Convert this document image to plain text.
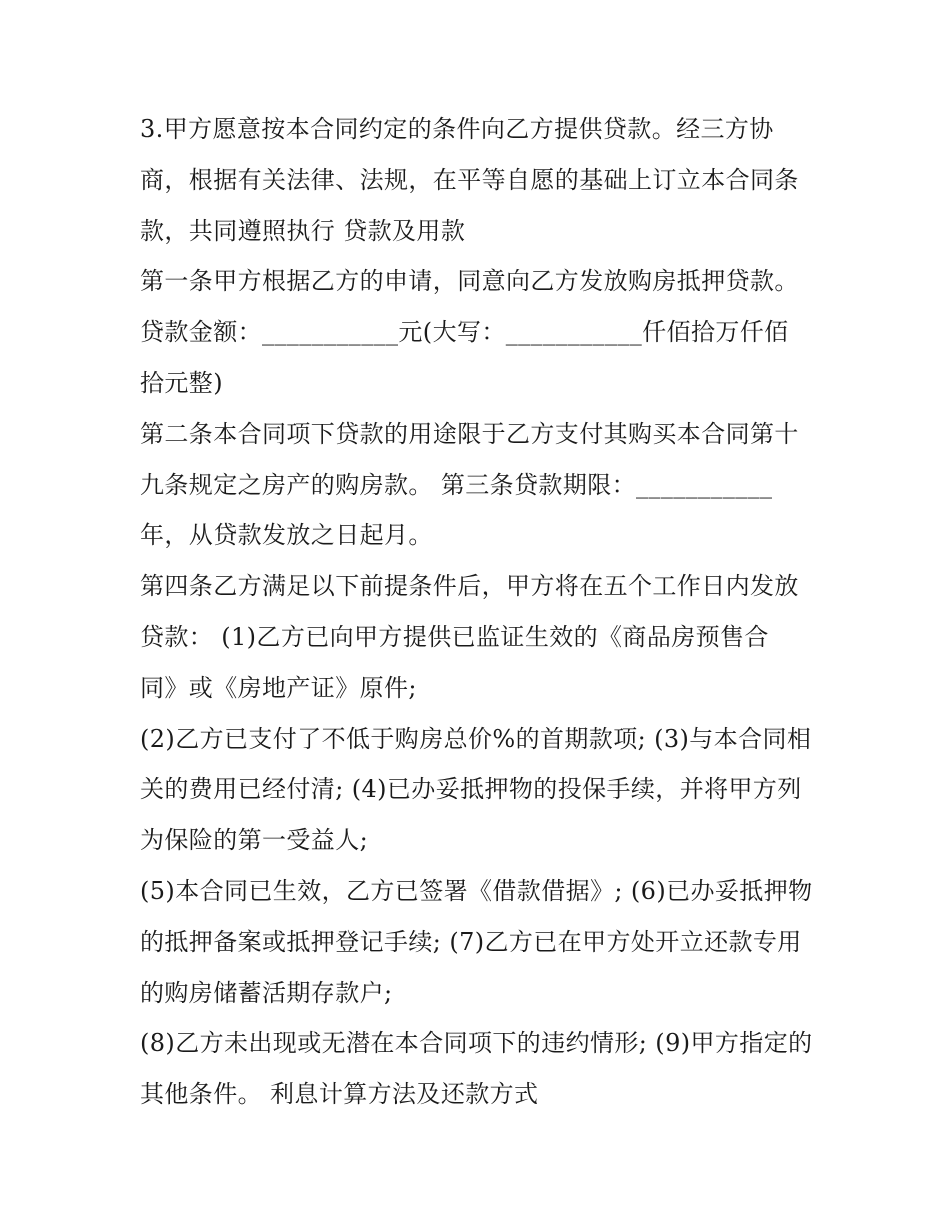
3.甲方愿意按本合同约定的条件向乙方提供贷款。经三方协
商，根据有关法律、法规，在平等自愿的基础上订立本合同条
款，共同遵照执行 贷款及用款
第一条甲方根据乙方的申请，同意向乙方发放购房抵押贷款。
贷款金额：___________元(大写：___________仟佰拾万仟佰
拾元整)
第二条本合同项下贷款的用途限于乙方支付其购买本合同第十
九条规定之房产的购房款。 第三条贷款期限：___________
年，从贷款发放之日起月。
第四条乙方满足以下前提条件后，甲方将在五个工作日内发放
贷款： (1)乙方已向甲方提供已监证生效的《商品房预售合
同》或《房地产证》原件;
(2)乙方已支付了不低于购房总价%的首期款项; (3)与本合同相
关的费用已经付清; (4)已办妥抵押物的投保手续，并将甲方列
为保险的第一受益人;
(5)本合同已生效，乙方已签署《借款借据》; (6)已办妥抵押物
的抵押备案或抵押登记手续; (7)乙方已在甲方处开立还款专用
的购房储蓄活期存款户;
(8)乙方未出现或无潜在本合同项下的违约情形; (9)甲方指定的
其他条件。 利息计算方法及还款方式
